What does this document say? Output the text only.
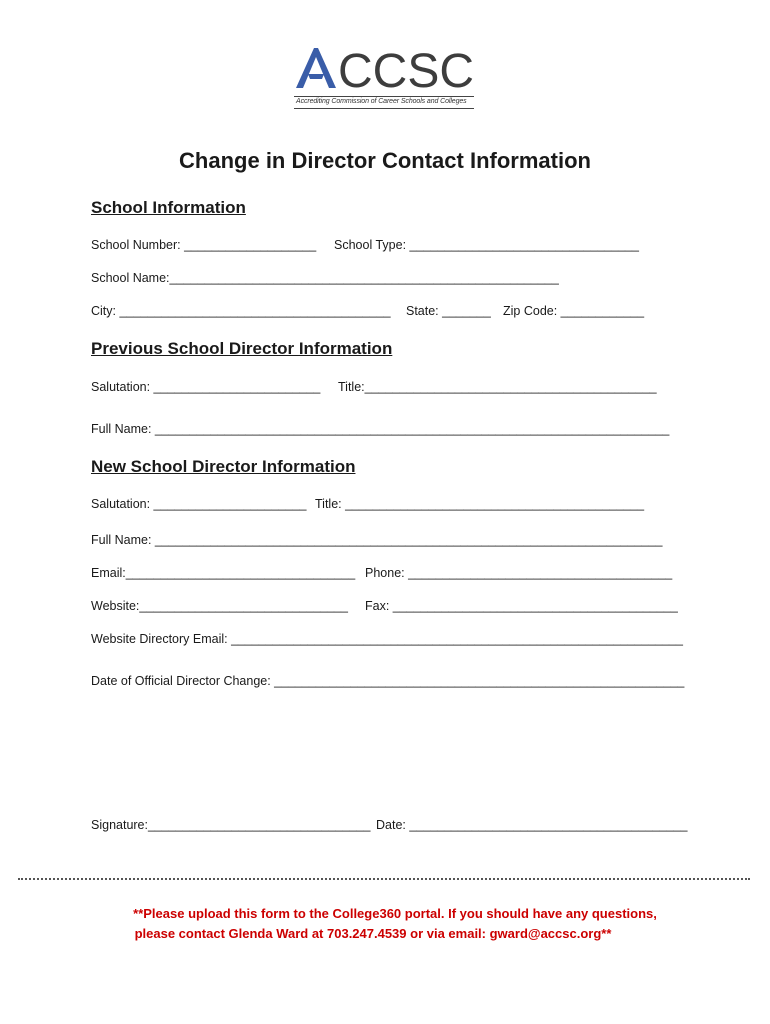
CCSC
Accrediting Commission of Career Schools and Colleges
Change in Director Contact Information
School Information
School Number: ___________________ School Type: _________________________________
School Name:________________________________________________________
City: _______________________________________ State: _______ Zip Code: ____________
Previous School Director Information
Salutation: ________________________ Title:__________________________________________
Full Name: __________________________________________________________________________
New School Director Information
Salutation: ______________________ Title: ___________________________________________
Full Name: _________________________________________________________________________
Email:_________________________________ Phone: ______________________________________
Website:______________________________ Fax: _________________________________________
Website Directory Email: _________________________________________________________________
Date of Official Director Change: ___________________________________________________________
Signature:________________________________ Date: ________________________________________
**Please upload this form to the College360 portal. If you should have any questions,
please contact Glenda Ward at 703.247.4539 or via email: gward@accsc.org**
